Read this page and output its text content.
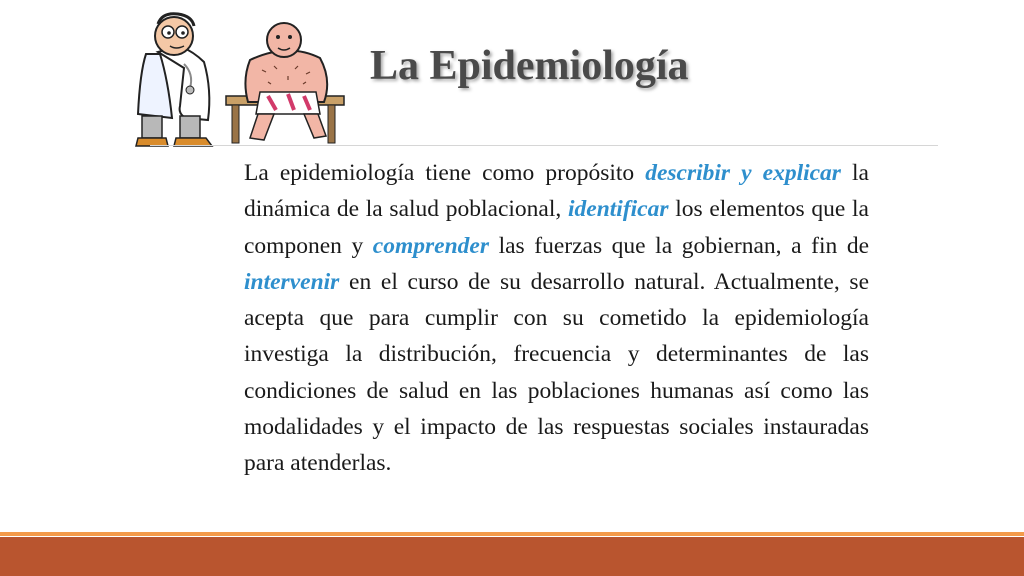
La Epidemiología

La epidemiología tiene como propósito describir y explicar la dinámica de la salud poblacional, identificar los elementos que la componen y comprender las fuerzas que la gobiernan, a fin de intervenir en el curso de su desarrollo natural. Actualmente, se acepta que para cumplir con su cometido la epidemiología investiga la distribución, frecuencia y determinantes de las condiciones de salud en las poblaciones humanas así como las modalidades y el impacto de las respuestas sociales instauradas para atenderlas.
